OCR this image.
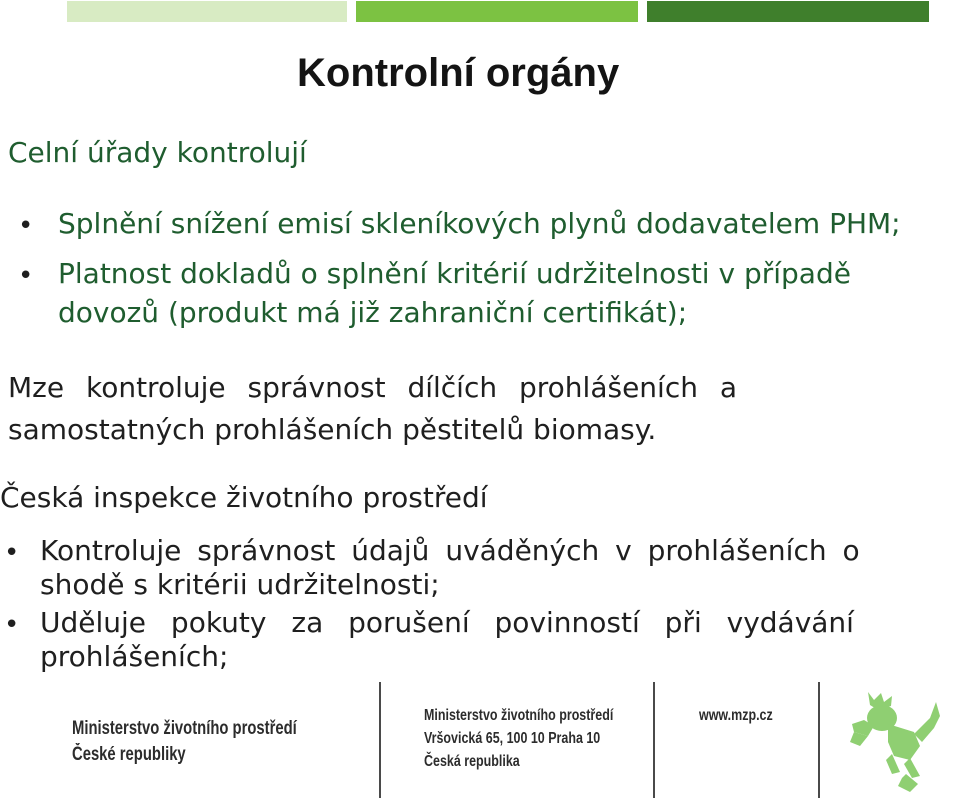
Kontrolní orgány

Celní úřady kontrolují

• Splnění snížení emisí skleníkových plynů dodavatelem PHM;

• Platnost dokladů o splnění kritérií udržitelnosti v případě

dovozů (produkt má již zahraniční certifikát);

Mze kontroluje správnost dílčích prohlášeních a

samostatných prohlášeních pěstitelů biomasy.

Česká inspekce životního prostředí

• Kontroluje správnost údajů uváděných v prohlášeních o

shodě s kritérii udržitelnosti;

• Uděluje pokuty za porušení povinností při vydávání

prohlášeních;

Ministerstvo životního prostředí
České republiky
Ministerstvo životního prostředí
Vršovická 65, 100 10 Praha 10
Česká republika
www.mzp.cz
